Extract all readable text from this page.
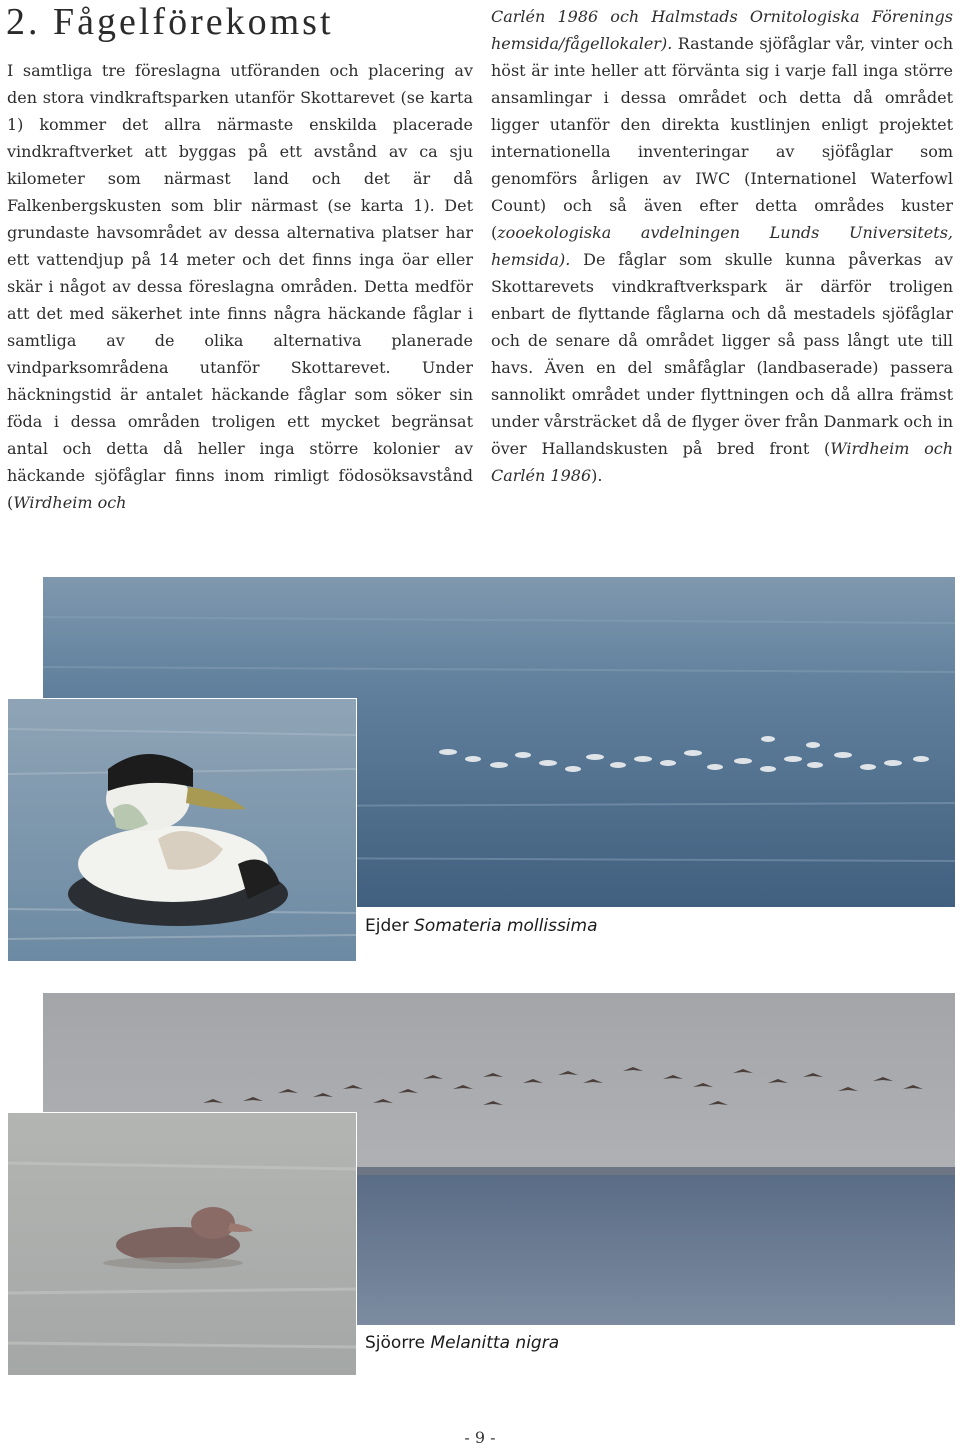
2. Fågelförekomst

I samtliga tre föreslagna utföranden och placering av den stora vindkraftsparken utanför Skottarevet (se karta 1) kommer det allra närmaste enskilda placerade vindkraftverket att byggas på ett avstånd av ca sju kilometer som närmast land och det är då Falkenbergskusten som blir närmast (se karta 1). Det grundaste havsområdet av dessa alternativa platser har ett vattendjup på 14 meter och det finns inga öar eller skär i något av dessa föreslagna områden. Detta medför att det med säkerhet inte finns några häckande fåglar i samtliga av de olika alternativa planerade vindparksområdena utanför Skottarevet. Under häckningstid är antalet häckande fåglar som söker sin föda i dessa områden troligen ett mycket begränsat antal och detta då heller inga större kolonier av häckande sjöfåglar finns inom rimligt födosöksavstånd (Wirdheim och

Carlén 1986 och Halmstads Ornitologiska Förenings hemsida/fågellokaler). Rastande sjöfåglar vår, vinter och höst är inte heller att förvänta sig i varje fall inga större ansamlingar i dessa området och detta då området ligger utanför den direkta kustlinjen enligt projektet internationella inventeringar av sjöfåglar som genomförs årligen av IWC (Internationel Waterfowl Count) och så även efter detta områdes kuster (zooekologiska avdelningen Lunds Universitets, hemsida). De fåglar som skulle kunna påverkas av Skottarevets vindkraftverkspark är därför troligen enbart de flyttande fåglarna och då mestadels sjöfåglar och de senare då området ligger så pass långt ute till havs. Även en del småfåglar (landbaserade) passera sannolikt området under flyttningen och då allra främst under vårsträcket då de flyger över från Danmark och in över Hallandskusten på bred front (Wirdheim och Carlén 1986).

Ejder Somateria mollissima

Sjöorre Melanitta nigra

- 9 -
